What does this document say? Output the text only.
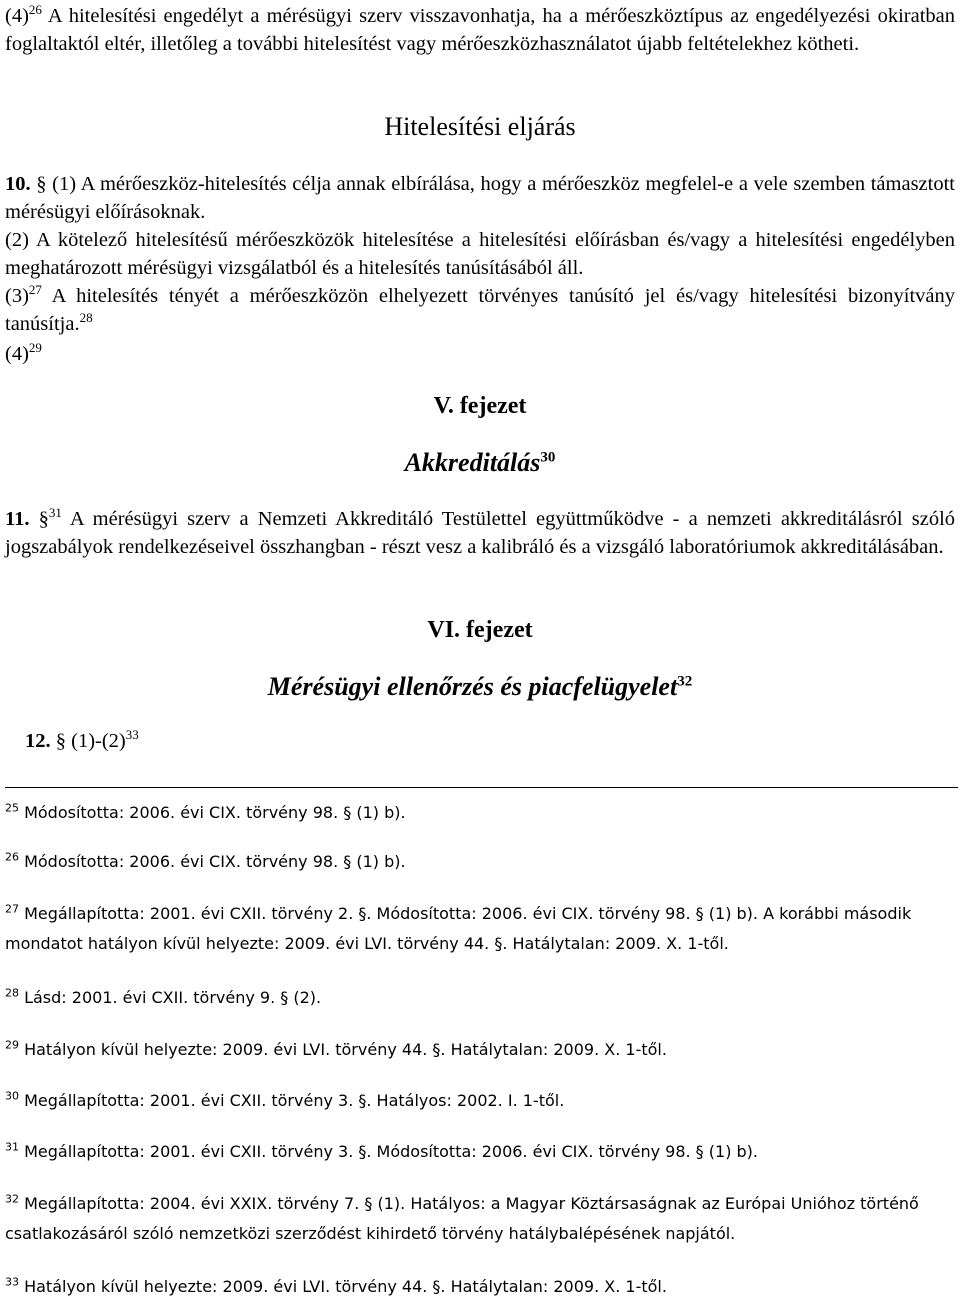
$(4)^{26}$ A hitelesítési engedélyt a mérésügyi szerv visszavonhatja, ha a mérőeszköztípus az engedélyezési okiratban foglaltaktól eltér, illetőleg a további hitelesítést vagy mérőeszközhasználatot újabb feltételekhez kötheti.
Hitelesítési eljárás
10. § (1) A mérőeszköz-hitelesítés célja annak elbírálása, hogy a mérőeszköz megfelel-e a vele szemben támasztott mérésügyi előírásoknak.
(2) A kötelező hitelesítésű mérőeszközök hitelesítése a hitelesítési előírásban és/vagy a hitelesítési engedélyben meghatározott mérésügyi vizsgálatból és a hitelesítés tanúsításából áll.
$(3)^{27}$ A hitelesítés tényét a mérőeszközön elhelyezett törvényes tanúsító jel és/vagy hitelesítési bizonyítvány tanúsítja.$^{28}$
$(4)^{29}$
V. fejezet
Akkreditálás$^{30}$
11. §$^{31}$ A mérésügyi szerv a Nemzeti Akkreditáló Testülettel együttműködve - a nemzeti akkreditálásról szóló jogszabályok rendelkezéseivel összhangban - részt vesz a kalibráló és a vizsgáló laboratóriumok akkreditálásában.
VI. fejezet
Mérésügyi ellenőrzés és piacfelügyelet$^{32}$
12. § $(1)-(2)^{33}$
$^{25}$ Módosította: 2006. évi CIX. törvény 98. § (1) b).
$^{26}$ Módosította: 2006. évi CIX. törvény 98. § (1) b).
$^{27}$ Megállapította: 2001. évi CXII. törvény 2. §. Módosította: 2006. évi CIX. törvény 98. § (1) b). A korábbi második mondatot hatályon kívül helyezte: 2009. évi LVI. törvény 44. §. Hatálytalan: 2009. X. 1-től.
$^{28}$ Lásd: 2001. évi CXII. törvény 9. § (2).
$^{29}$ Hatályon kívül helyezte: 2009. évi LVI. törvény 44. §. Hatálytalan: 2009. X. 1-től.
$^{30}$ Megállapította: 2001. évi CXII. törvény 3. §. Hatályos: 2002. I. 1-től.
$^{31}$ Megállapította: 2001. évi CXII. törvény 3. §. Módosította: 2006. évi CIX. törvény 98. § (1) b).
$^{32}$ Megállapította: 2004. évi XXIX. törvény 7. § (1). Hatályos: a Magyar Köztársaságnak az Európai Unióhoz történő csatlakozásáról szóló nemzetközi szerződést kihirdető törvény hatálybalépésének napjától.
$^{33}$ Hatályon kívül helyezte: 2009. évi LVI. törvény 44. §. Hatálytalan: 2009. X. 1-től.
